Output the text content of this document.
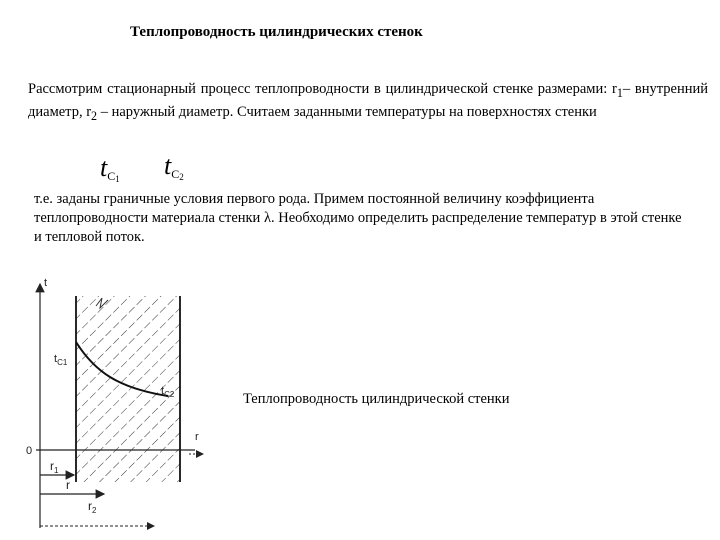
Теплопроводность цилиндрических стенок
Рассмотрим стационарный процесс теплопроводности в цилиндрической стенке размерами: $r_1-$ внутренний диаметр, $r_2$ – наружный диаметр. Считаем заданными температуры на поверхностях стенки
$t_{C_1}$ $t_{C_2}$
т.е. заданы граничные условия первого рода. Примем постоянной величину коэффициента теплопроводности материала стенки λ. Необходимо определить распределение температур в этой стенке и тепловой поток.
t
0
r
$t_{C1}$
$t_{C2}$
$r_1$
r
$r_2$
Теплопроводность цилиндрической стенки
